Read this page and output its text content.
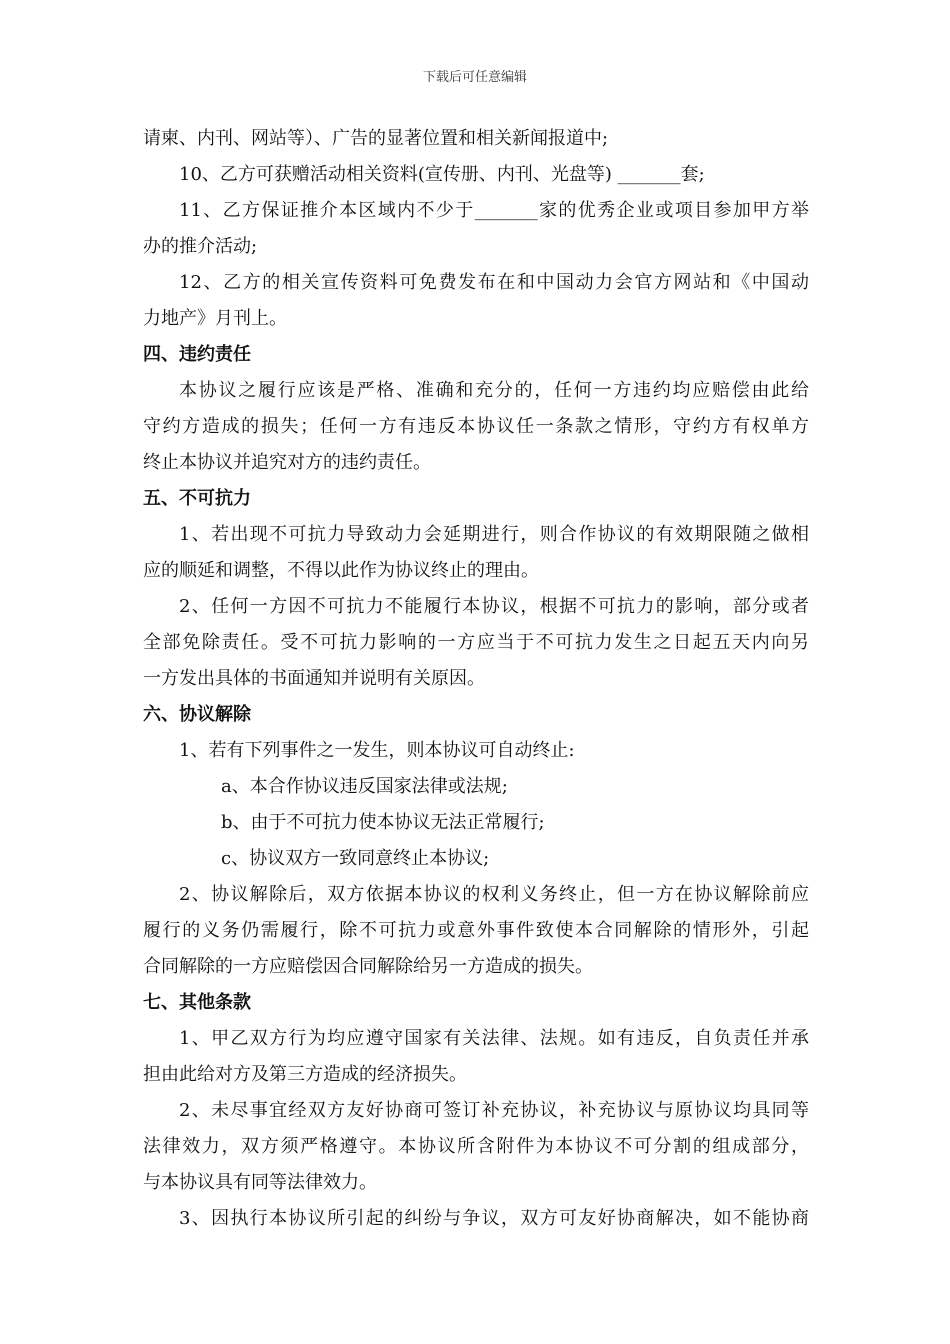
下载后可任意编辑
请柬、内刊、网站等）、广告的显著位置和相关新闻报道中;
10、乙方可获赠活动相关资料(宣传册、内刊、光盘等) _______套;
11、乙方保证推介本区域内不少于_______家的优秀企业或项目参加甲方举
办的推介活动;
12、乙方的相关宣传资料可免费发布在和中国动力会官方网站和《中国动
力地产》月刊上。
四、违约责任
本协议之履行应该是严格、准确和充分的，任何一方违约均应赔偿由此给
守约方造成的损失；任何一方有违反本协议任一条款之情形，守约方有权单方
终止本协议并追究对方的违约责任。
五、不可抗力
1、若出现不可抗力导致动力会延期进行，则合作协议的有效期限随之做相
应的顺延和调整，不得以此作为协议终止的理由。
2、任何一方因不可抗力不能履行本协议，根据不可抗力的影响，部分或者
全部免除责任。受不可抗力影响的一方应当于不可抗力发生之日起五天内向另
一方发出具体的书面通知并说明有关原因。
六、协议解除
1、若有下列事件之一发生，则本协议可自动终止:
a、本合作协议违反国家法律或法规;
b、由于不可抗力使本协议无法正常履行;
c、协议双方一致同意终止本协议;
2、协议解除后，双方依据本协议的权利义务终止，但一方在协议解除前应
履行的义务仍需履行，除不可抗力或意外事件致使本合同解除的情形外，引起
合同解除的一方应赔偿因合同解除给另一方造成的损失。
七、其他条款
1、甲乙双方行为均应遵守国家有关法律、法规。如有违反，自负责任并承
担由此给对方及第三方造成的经济损失。
2、未尽事宜经双方友好协商可签订补充协议，补充协议与原协议均具同等
法律效力，双方须严格遵守。本协议所含附件为本协议不可分割的组成部分，
与本协议具有同等法律效力。
3、因执行本协议所引起的纠纷与争议，双方可友好协商解决，如不能协商
